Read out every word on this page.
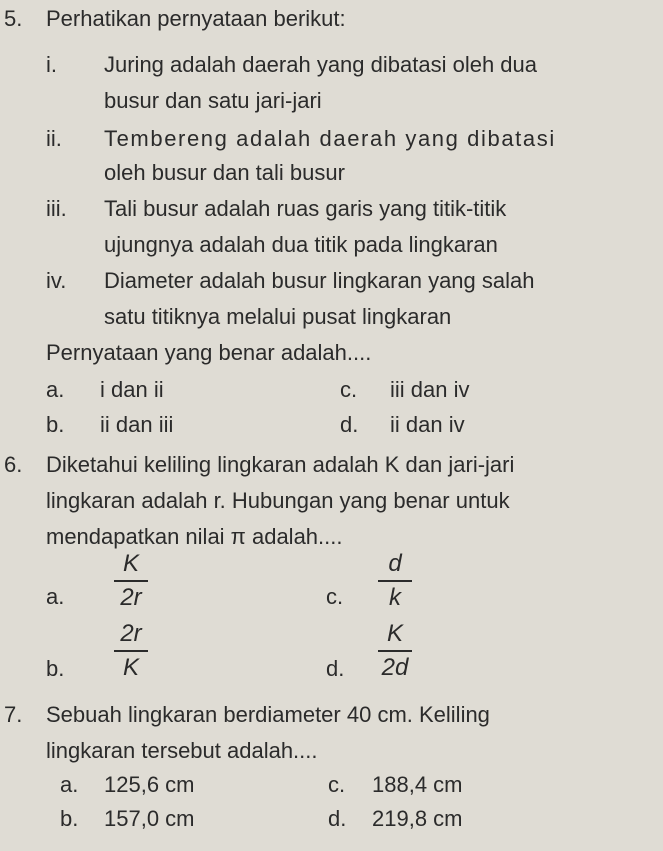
5. Perhatikan pernyataan berikut:
i. Juring adalah daerah yang dibatasi oleh dua
busur dan satu jari-jari
ii. Tembereng adalah daerah yang dibatasi
oleh busur dan tali busur
iii. Tali busur adalah ruas garis yang titik-titik
ujungnya adalah dua titik pada lingkaran
iv. Diameter adalah busur lingkaran yang salah
satu titiknya melalui pusat lingkaran
Pernyataan yang benar adalah....
a. i dan ii	c. iii dan iv
b. ii dan iii	d. ii dan iv
6. Diketahui keliling lingkaran adalah K dan jari-jari
lingkaran adalah r. Hubungan yang benar untuk
mendapatkan nilai π adalah....
a.
K
2r	c.
d
k
b.
2r
K	d.
K
2d
7. Sebuah lingkaran berdiameter 40 cm. Keliling
lingkaran tersebut adalah....
a. 125,6 cm	c. 188,4 cm
b. 157,0 cm	d. 219,8 cm
